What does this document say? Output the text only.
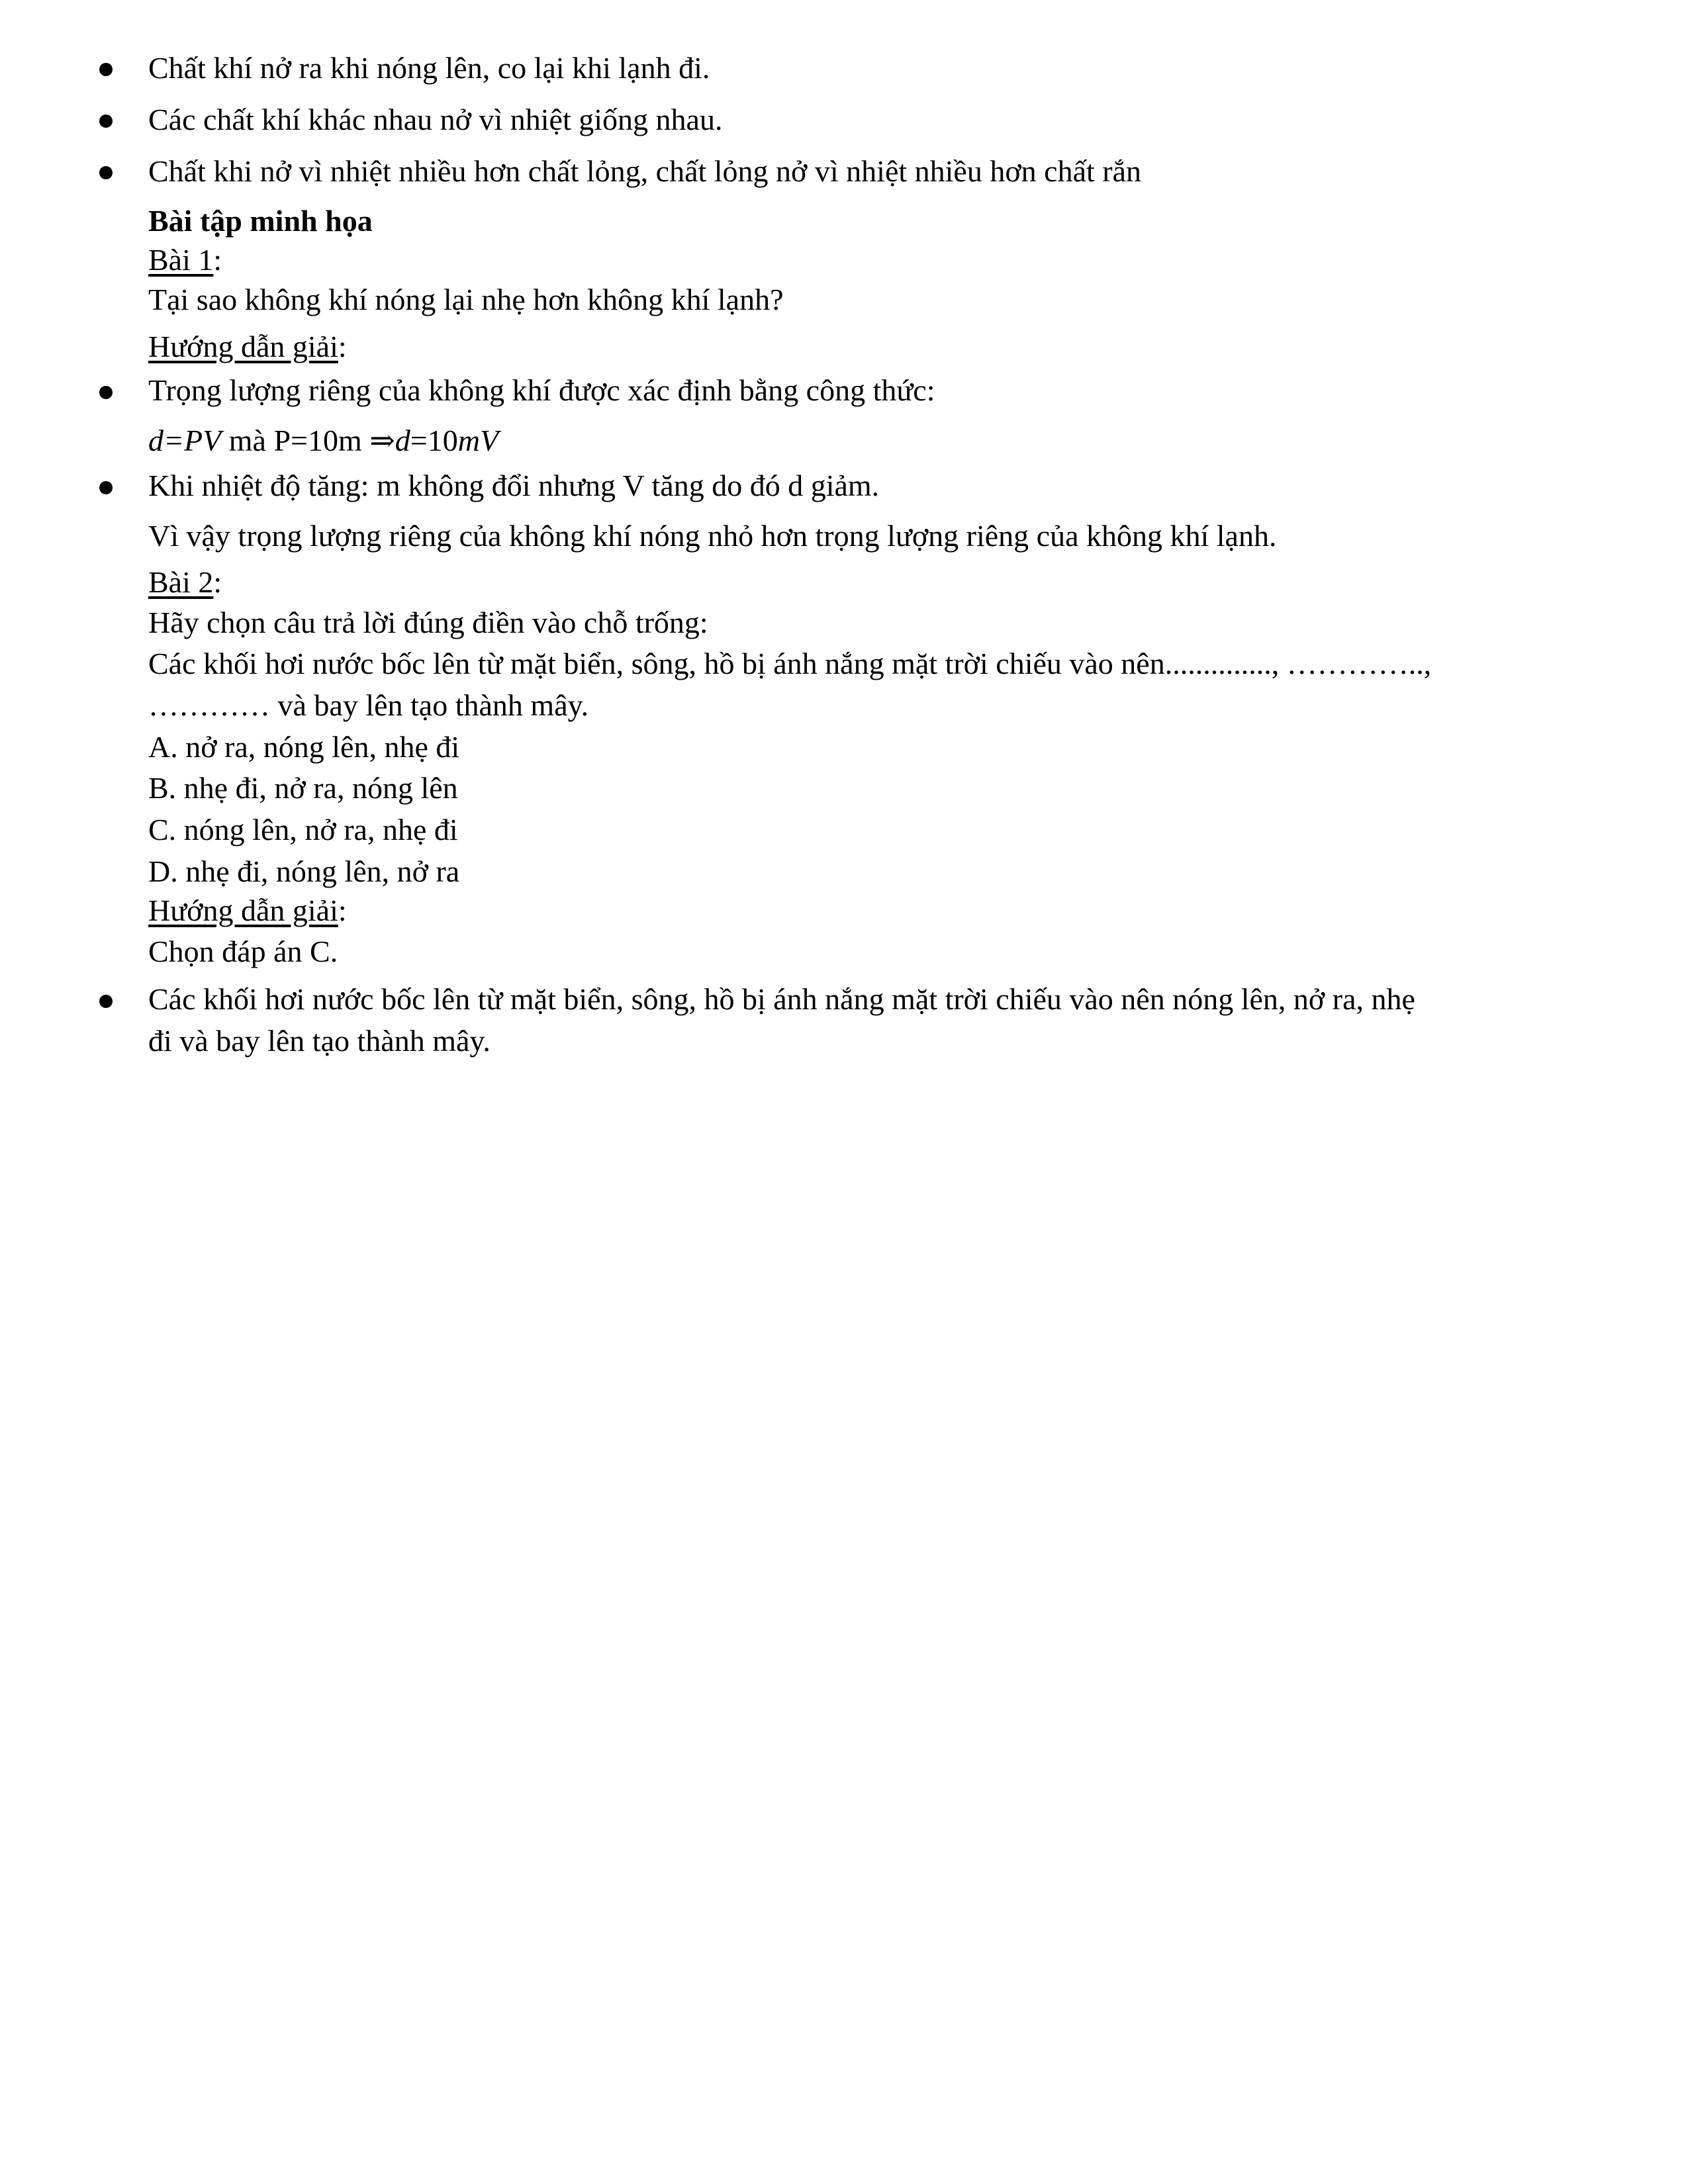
Chất khí nở ra khi nóng lên, co lại khi lạnh đi.
Các chất khí khác nhau nở vì nhiệt giống nhau.
Chất khi nở vì nhiệt nhiều hơn chất lỏng, chất lỏng nở vì nhiệt nhiều hơn chất rắn
Bài tập minh họa
Bài 1:
Tại sao không khí nóng lại nhẹ hơn không khí lạnh?
Hướng dẫn giải:
Trọng lượng riêng của không khí được xác định bằng công thức:
d=PV mà P=10m ⇒d=10mV
Khi nhiệt độ tăng: m không đổi nhưng V tăng do đó d giảm.
Vì vậy trọng lượng riêng của không khí nóng nhỏ hơn trọng lượng riêng của không khí lạnh.
Bài 2:
Hãy chọn câu trả lời đúng điền vào chỗ trống:
Các khối hơi nước bốc lên từ mặt biển, sông, hồ bị ánh nắng mặt trời chiếu vào nên.............., …………..,
………… và bay lên tạo thành mây.
A. nở ra, nóng lên, nhẹ đi
B. nhẹ đi, nở ra, nóng lên
C. nóng lên, nở ra, nhẹ đi
D. nhẹ đi, nóng lên, nở ra
Hướng dẫn giải:
Chọn đáp án C.
Các khối hơi nước bốc lên từ mặt biển, sông, hồ bị ánh nắng mặt trời chiếu vào nên nóng lên, nở ra, nhẹ
đi và bay lên tạo thành mây.
